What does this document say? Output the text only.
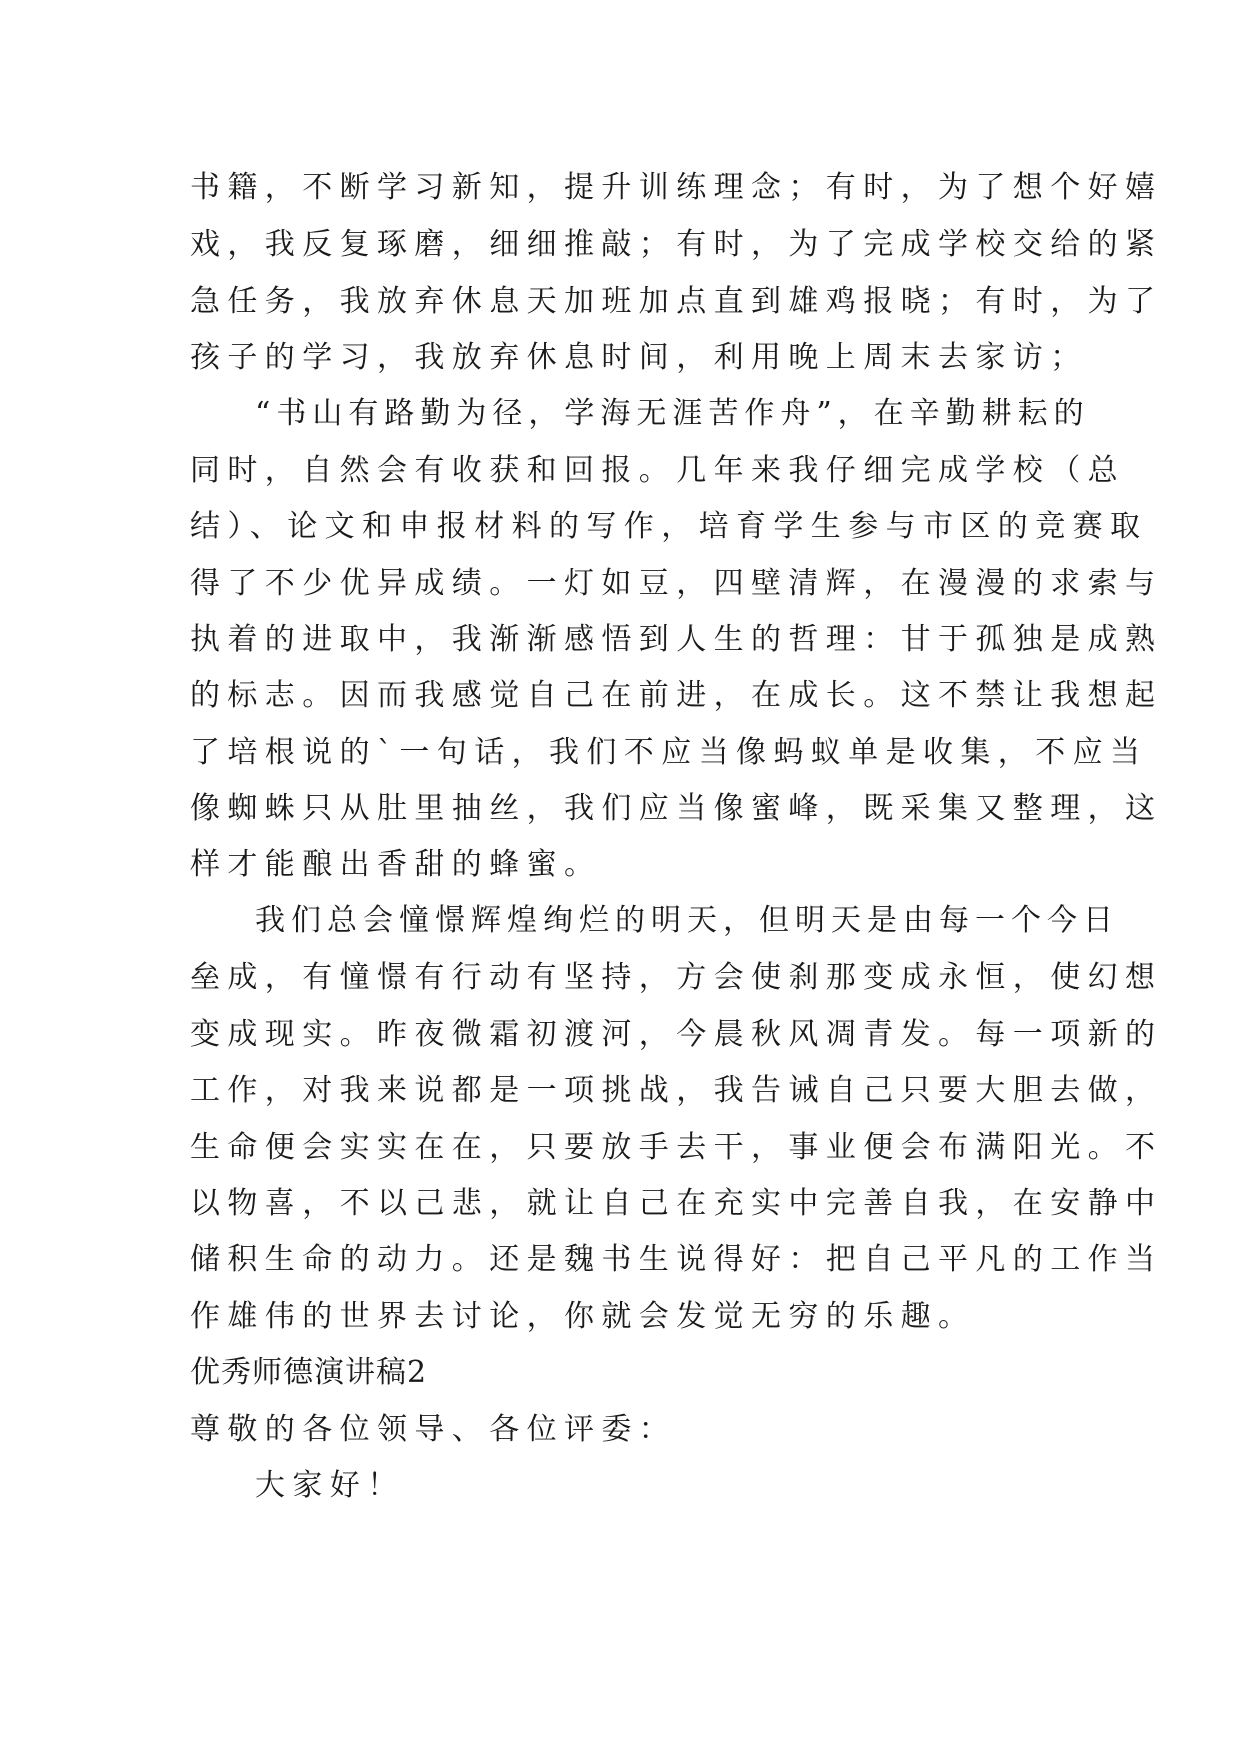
书籍，不断学习新知，提升训练理念；有时，为了想个好嬉
戏，我反复琢磨，细细推敲；有时，为了完成学校交给的紧
急任务，我放弃休息天加班加点直到雄鸡报晓；有时，为了
孩子的学习，我放弃休息时间，利用晚上周末去家访；
“书山有路勤为径，学海无涯苦作舟”，在辛勤耕耘的
同时，自然会有收获和回报。几年来我仔细完成学校（总
结）、论文和申报材料的写作，培育学生参与市区的竞赛取
得了不少优异成绩。一灯如豆，四壁清辉，在漫漫的求索与
执着的进取中，我渐渐感悟到人生的哲理：甘于孤独是成熟
的标志。因而我感觉自己在前进，在成长。这不禁让我想起
了培根说的`一句话，我们不应当像蚂蚁单是收集，不应当
像蜘蛛只从肚里抽丝，我们应当像蜜峰，既采集又整理，这
样才能酿出香甜的蜂蜜。
我们总会憧憬辉煌绚烂的明天，但明天是由每一个今日
垒成，有憧憬有行动有坚持，方会使刹那变成永恒，使幻想
变成现实。昨夜微霜初渡河，今晨秋风凋青发。每一项新的
工作，对我来说都是一项挑战，我告诫自己只要大胆去做，
生命便会实实在在，只要放手去干，事业便会布满阳光。不
以物喜，不以己悲，就让自己在充实中完善自我，在安静中
储积生命的动力。还是魏书生说得好：把自己平凡的工作当
作雄伟的世界去讨论，你就会发觉无穷的乐趣。
优秀师德演讲稿2
尊敬的各位领导、各位评委：
大家好！
